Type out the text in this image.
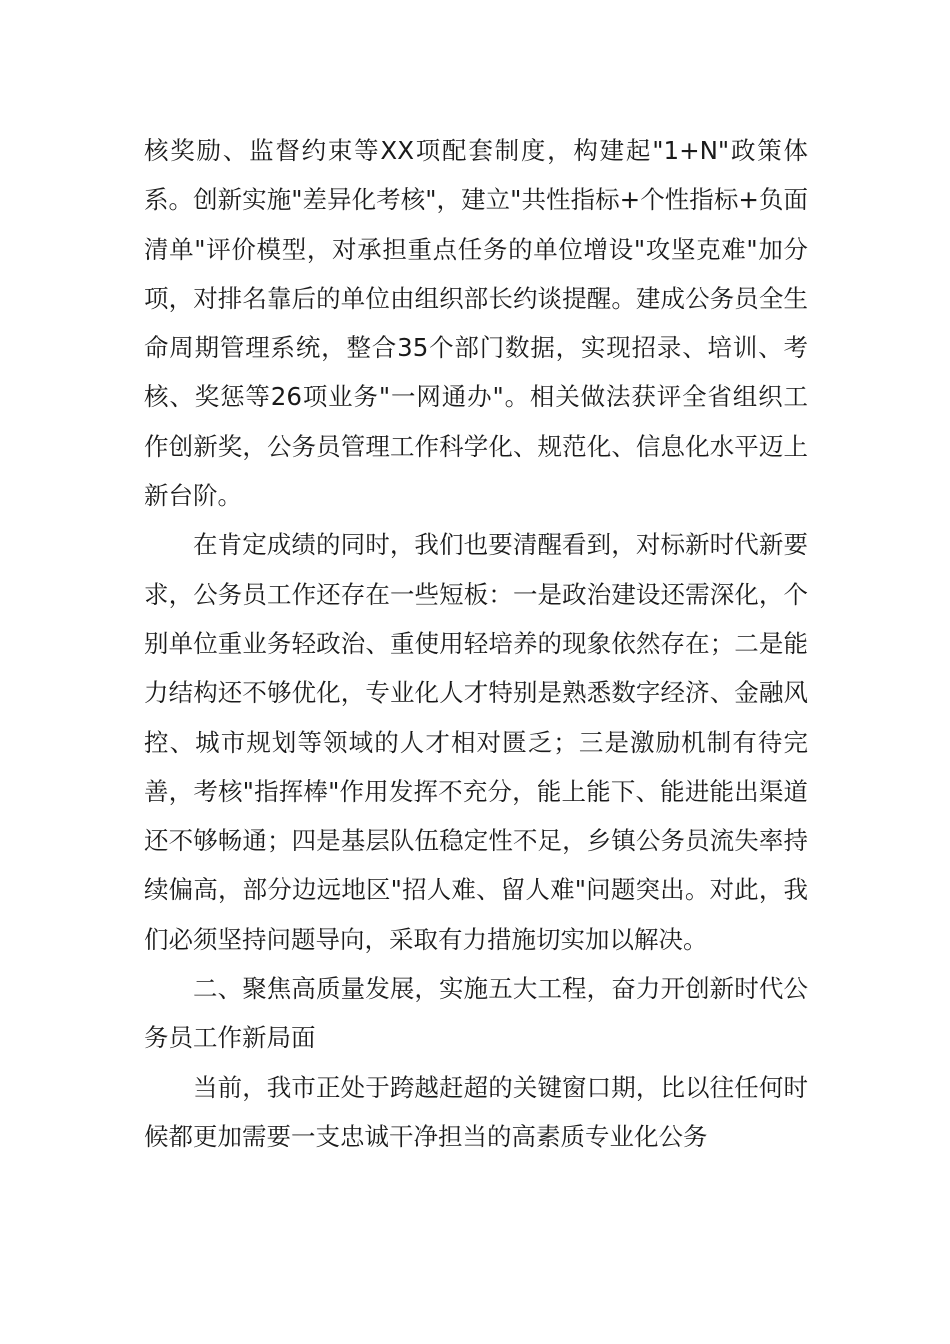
核奖励、监督约束等XX项配套制度，构建起"1+N"政策体系。创新实施"差异化考核"，建立"共性指标+个性指标+负面清单"评价模型，对承担重点任务的单位增设"攻坚克难"加分项，对排名靠后的单位由组织部长约谈提醒。建成公务员全生命周期管理系统，整合35个部门数据，实现招录、培训、考核、奖惩等26项业务"一网通办"。相关做法获评全省组织工作创新奖，公务员管理工作科学化、规范化、信息化水平迈上新台阶。

在肯定成绩的同时，我们也要清醒看到，对标新时代新要求，公务员工作还存在一些短板：一是政治建设还需深化，个别单位重业务轻政治、重使用轻培养的现象依然存在；二是能力结构还不够优化，专业化人才特别是熟悉数字经济、金融风控、城市规划等领域的人才相对匮乏；三是激励机制有待完善，考核"指挥棒"作用发挥不充分，能上能下、能进能出渠道还不够畅通；四是基层队伍稳定性不足，乡镇公务员流失率持续偏高，部分边远地区"招人难、留人难"问题突出。对此，我们必须坚持问题导向，采取有力措施切实加以解决。

二、聚焦高质量发展，实施五大工程，奋力开创新时代公务员工作新局面

当前，我市正处于跨越赶超的关键窗口期，比以往任何时候都更加需要一支忠诚干净担当的高素质专业化公务
